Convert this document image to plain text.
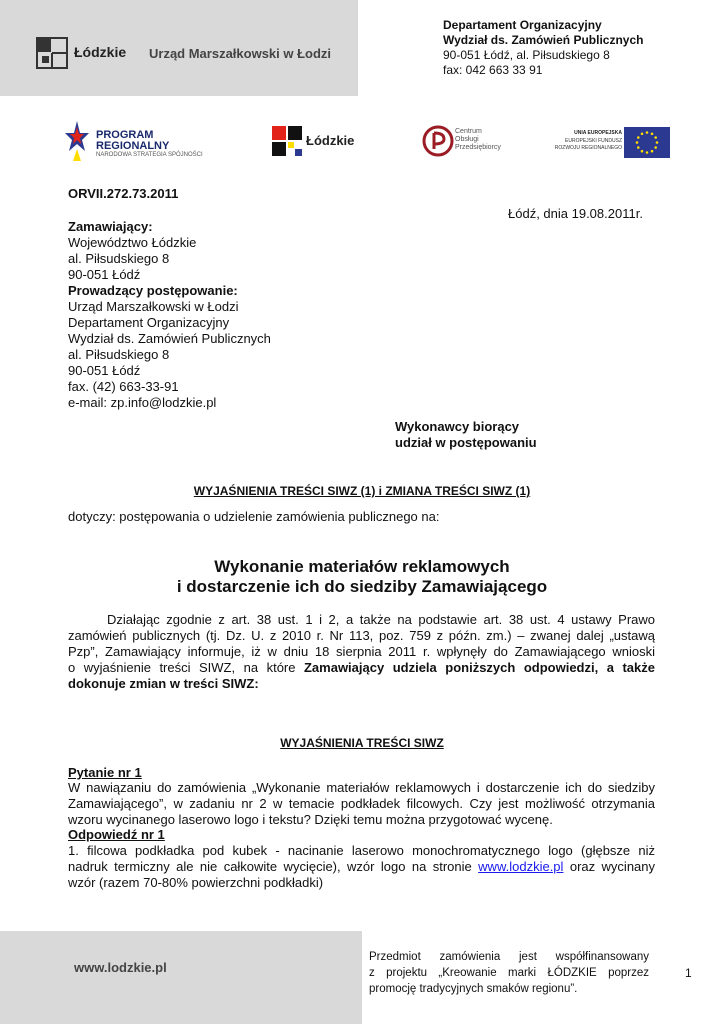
Łódzkie Urząd Marszałkowski w Łodzi
Departament Organizacyjny
Wydział ds. Zamówień Publicznych
90-051 Łódź, al. Piłsudskiego 8
fax: 042 663 33 91
PROGRAM
REGIONALNY
NARODOWA STRATEGIA SPÓJNOŚCI
Łódzkie
Centrum
Obsługi
Przedsiębiorcy
UNIA EUROPEJSKA
EUROPEJSKI FUNDUSZ
ROZWOJU REGIONALNEGO
ORVII.272.73.2011
Łódź, dnia 19.08.2011r.
Zamawiający:
Województwo Łódzkie
al. Piłsudskiego 8
90-051 Łódź
Prowadzący postępowanie:
Urząd Marszałkowski w Łodzi
Departament Organizacyjny
Wydział ds. Zamówień Publicznych
al. Piłsudskiego 8
90-051 Łódź
fax. (42) 663-33-91
e-mail: zp.info@lodzkie.pl
Wykonawcy biorący
udział w postępowaniu
WYJAŚNIENIA TREŚCI SIWZ (1) i ZMIANA TREŚCI SIWZ (1)
dotyczy: postępowania o udzielenie zamówienia publicznego na:
Wykonanie materiałów reklamowych
i dostarczenie ich do siedziby Zamawiającego
Działając zgodnie z art. 38 ust. 1 i 2, a także na podstawie art. 38 ust. 4 ustawy Prawo
zamówień publicznych (tj. Dz. U. z 2010 r. Nr 113, poz. 759 z późn. zm.) – zwanej dalej „ustawą
Pzp”, Zamawiający informuje, iż w dniu 18 sierpnia 2011 r. wpłynęły do Zamawiającego wnioski
o wyjaśnienie treści SIWZ, na które Zamawiający udziela poniższych odpowiedzi, a także
dokonuje zmian w treści SIWZ:
WYJAŚNIENIA TREŚCI SIWZ
Pytanie nr 1
W nawiązaniu do zamówienia „Wykonanie materiałów reklamowych i dostarczenie ich do siedziby
Zamawiającego”, w zadaniu nr 2 w temacie podkładek filcowych. Czy jest możliwość otrzymania
wzoru wycinanego laserowo logo i tekstu? Dzięki temu można przygotować wycenę.
Odpowiedź nr 1
1. filcowa podkładka pod kubek - nacinanie laserowo monochromatycznego logo (głębsze niż
nadruk termiczny ale nie całkowite wycięcie), wzór logo na stronie www.lodzkie.pl oraz wycinany
wzór (razem 70-80% powierzchni podkładki)
www.lodzkie.pl
Przedmiot zamówienia jest współfinansowany
z projektu „Kreowanie marki ŁÓDZKIE poprzez
promocję tradycyjnych smaków regionu”.
1
